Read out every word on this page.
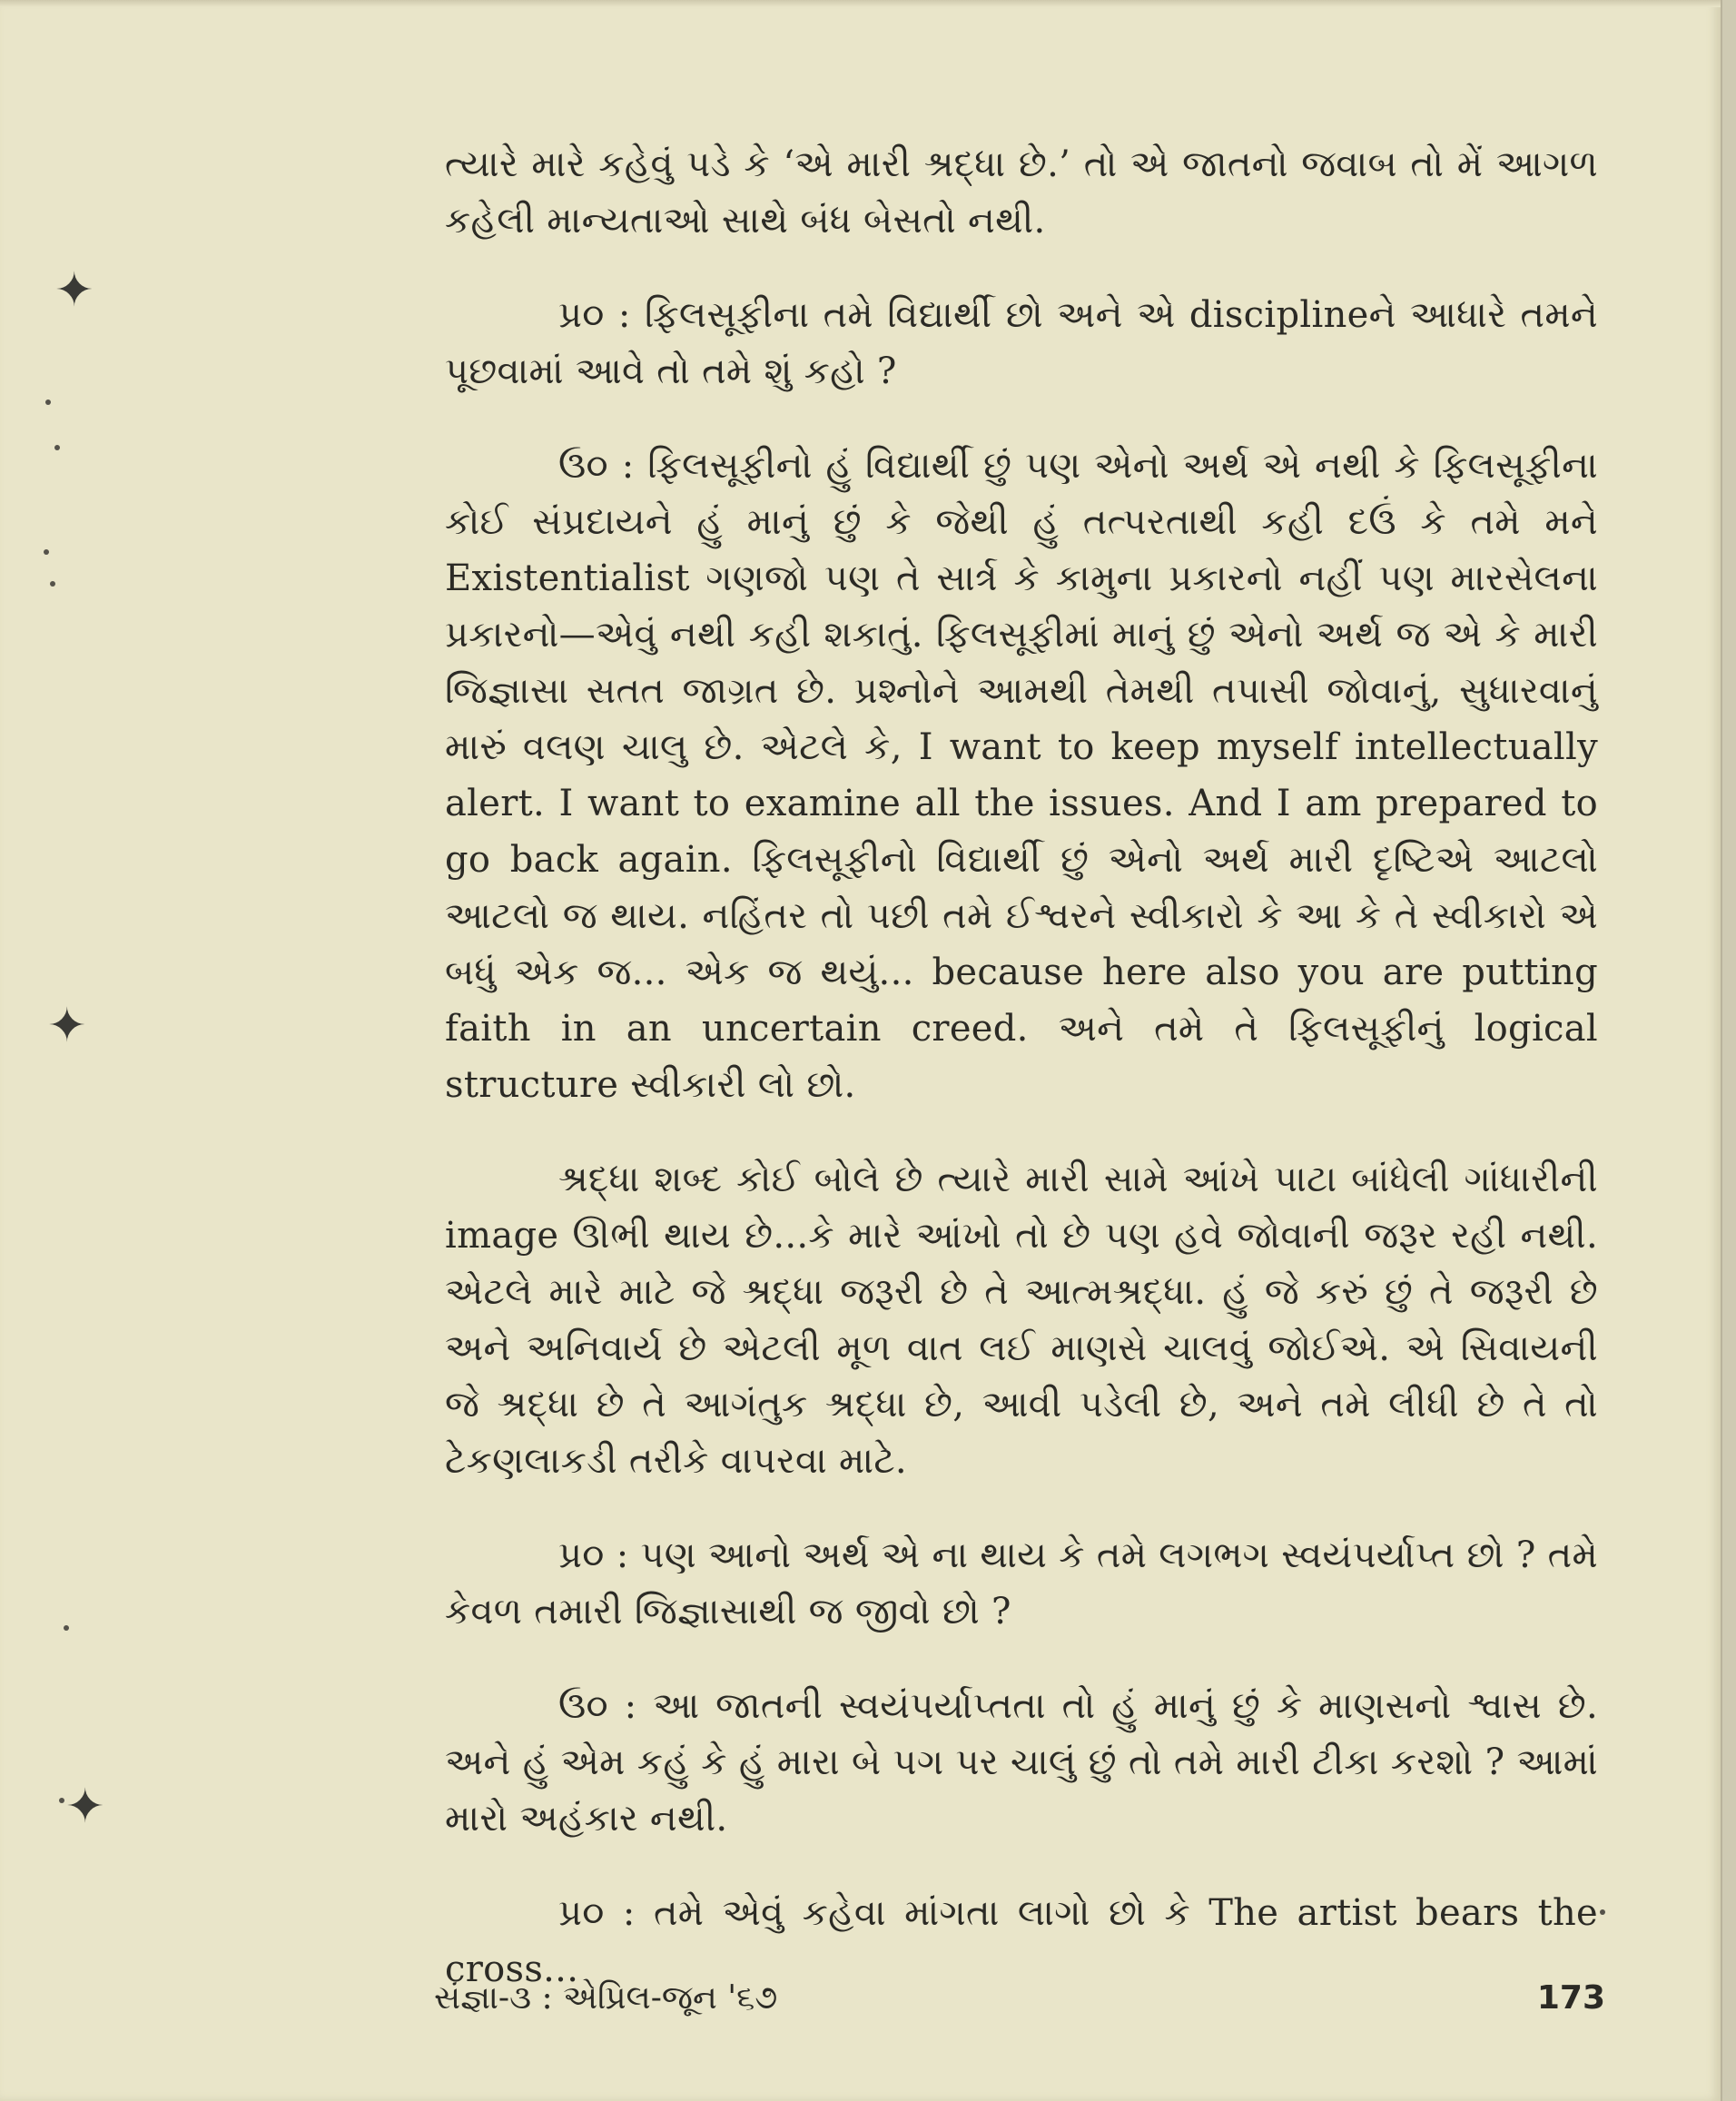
✦
✦
✦

ત્યારે મારે કહેવું પડે કે ‘એ મારી શ્રદ્ધા છે.’ તો એ જાતનો જવાબ તો મેં આગળ કહેલી માન્યતાઓ સાથે બંધ બેસતો નથી.

પ્ર૦ : ફિલસૂફીના તમે વિદ્યાર્થી છો અને એ disciplineને આધારે તમને પૂછવામાં આવે તો તમે શું કહો ?

ઉ૦ : ફિલસૂફીનો હું વિદ્યાર્થી છું પણ એનો અર્થ એ નથી કે ફિલસૂફીના કોઈ સંપ્રદાયને હું માનું છું કે જેથી હું તત્પરતાથી કહી દઉં કે તમે મને Existentialist ગણજો પણ તે સાર્ત્ર કે કામુના પ્રકારનો નહીં પણ મારસેલના પ્રકારનો—એવું નથી કહી શકાતું. ફિલસૂફીમાં માનું છું એનો અર્થ જ એ કે મારી જિજ્ઞાસા સતત જાગ્રત છે. પ્રશ્નોને આમથી તેમથી તપાસી જોવાનું, સુધારવાનું મારું વલણ ચાલુ છે. એટલે કે, I want to keep myself intellectually alert. I want to examine all the issues. And I am prepared to go back again. ફિલસૂફીનો વિદ્યાર્થી છું એનો અર્થ મારી દૃષ્ટિએ આટલો આટલો જ થાય. નહિંતર તો પછી તમે ઈશ્વરને સ્વીકારો કે આ કે તે સ્વીકારો એ બધું એક જ... એક જ થયું... because here also you are putting faith in an uncertain creed. અને તમે તે ફિલસૂફીનું logical structure સ્વીકારી લો છો.

શ્રદ્ધા શબ્દ કોઈ બોલે છે ત્યારે મારી સામે આંખે પાટા બાંધેલી ગાંધારીની image ઊભી થાય છે...કે મારે આંખો તો છે પણ હવે જોવાની જરૂર રહી નથી. એટલે મારે માટે જે શ્રદ્ધા જરૂરી છે તે આત્મશ્રદ્ધા. હું જે કરું છું તે જરૂરી છે અને અનિવાર્ય છે એટલી મૂળ વાત લઈ માણસે ચાલવું જોઈએ. એ સિવાયની જે શ્રદ્ધા છે તે આગંતુક શ્રદ્ધા છે, આવી પડેલી છે, અને તમે લીધી છે તે તો ટેકણલાકડી તરીકે વાપરવા માટે.

પ્ર૦ : પણ આનો અર્થ એ ના થાય કે તમે લગભગ સ્વયંપર્યાપ્ત છો ? તમે કેવળ તમારી જિજ્ઞાસાથી જ જીવો છો ?

ઉ૦ : આ જાતની સ્વયંપર્યાપ્તતા તો હું માનું છું કે માણસનો શ્વાસ છે. અને હું એમ કહું કે હું મારા બે પગ પર ચાલું છું તો તમે મારી ટીકા કરશો ? આમાં મારો અહંકાર નથી.

પ્ર૦ : તમે એવું કહેવા માંગતા લાગો છો કે The artist bears the cross...

સંજ્ઞા-૩ : એપ્રિલ-જૂન '૬૭	173
